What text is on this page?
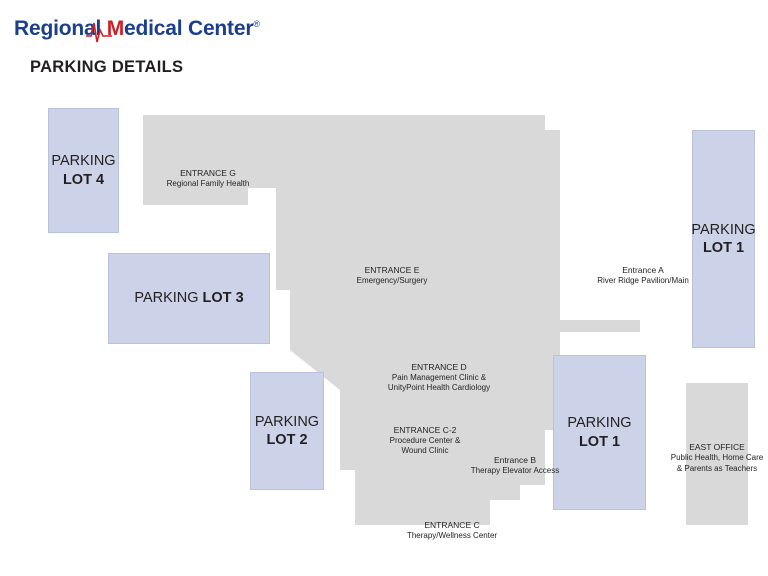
Regional Medical Center®
PARKING DETAILS
PARKING
LOT 4
PARKING LOT 3
PARKING
LOT 2
PARKING
LOT 1
PARKING
LOT 1	EAST OFFICE
Public Health, Home Care
& Parents as Teachers
ENTRANCE G
Regional Family Health
ENTRANCE E
Emergency/Surgery
Entrance A
River Ridge Pavilion/Main
ENTRANCE D
Pain Management Clinic &
UnityPoint Health Cardiology
ENTRANCE C-2
Procedure Center &
Wound Clinic
Entrance B
Therapy Elevator Access
ENTRANCE C
Therapy/Wellness Center
